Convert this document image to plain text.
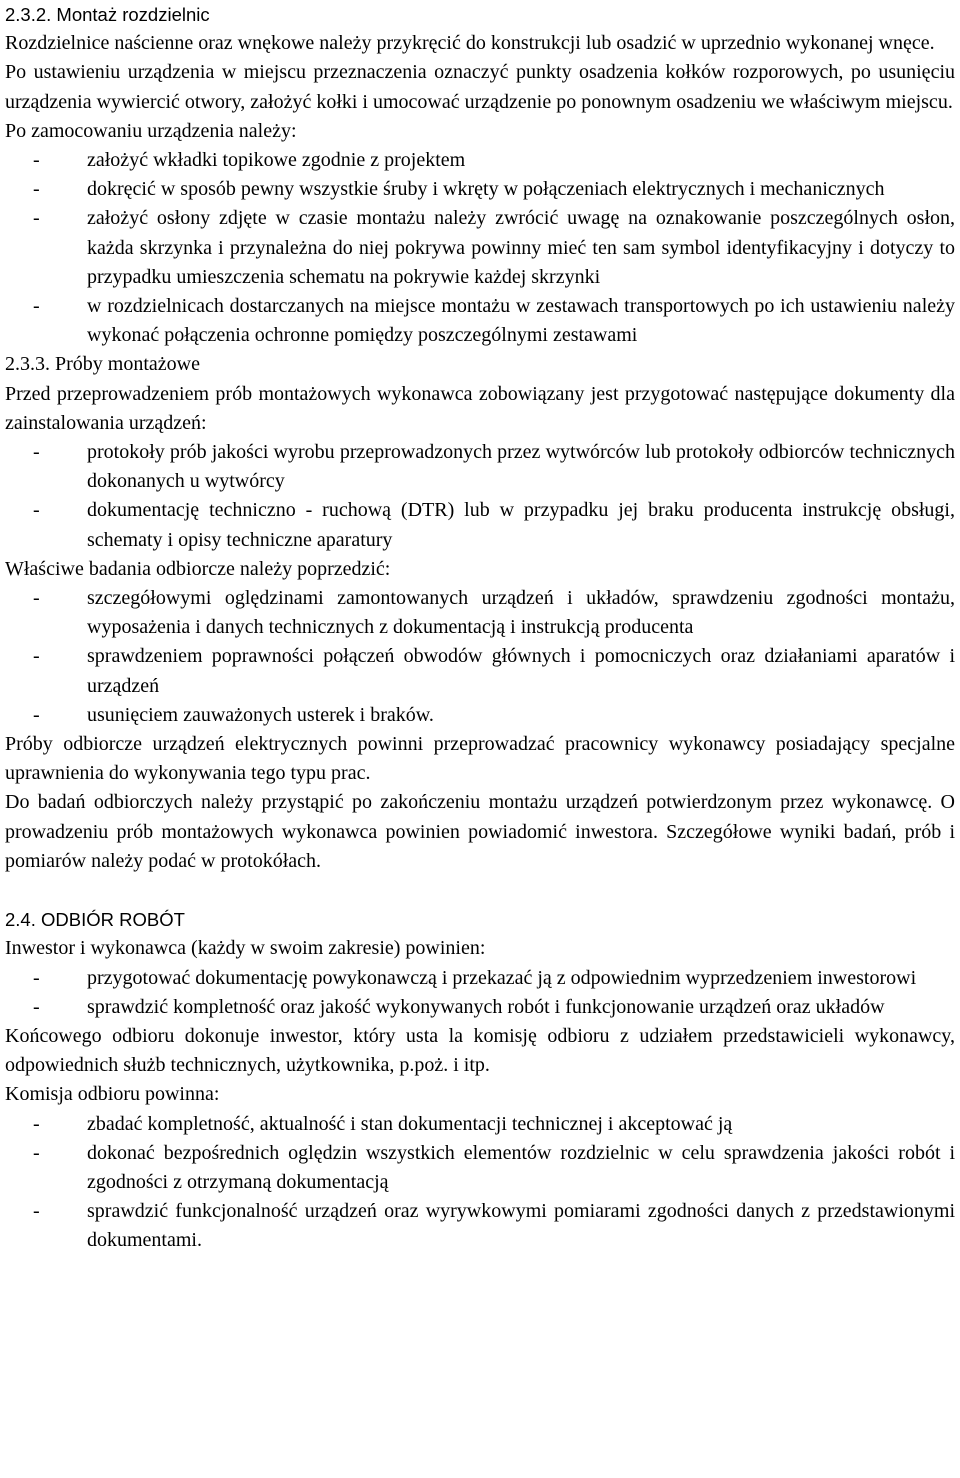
2.3.2. Montaż rozdzielnic

Rozdzielnice naścienne oraz wnękowe należy przykręcić do konstrukcji lub osadzić w uprzednio wykonanej wnęce.

Po ustawieniu urządzenia w miejscu przeznaczenia oznaczyć punkty osadzenia kołków rozporowych, po usunięciu urządzenia wywiercić otwory, założyć kołki i umocować urządzenie po ponownym osadzeniu we właściwym miejscu.

Po zamocowaniu urządzenia należy:

- założyć wkładki topikowe zgodnie z projektem
- dokręcić w sposób pewny wszystkie śruby i wkręty w połączeniach elektrycznych i mechanicznych
- założyć osłony zdjęte w czasie montażu należy zwrócić uwagę na oznakowanie poszczególnych osłon, każda skrzynka i przynależna do niej pokrywa powinny mieć ten sam symbol identyfikacyjny i dotyczy to przypadku umieszczenia schematu na pokrywie każdej skrzynki
- w rozdzielnicach dostarczanych na miejsce montażu w zestawach transportowych po ich ustawieniu należy wykonać połączenia ochronne pomiędzy poszczególnymi zestawami

2.3.3. Próby montażowe

Przed przeprowadzeniem prób montażowych wykonawca zobowiązany jest przygotować następujące dokumenty dla zainstalowania urządzeń:

- protokoły prób jakości wyrobu przeprowadzonych przez wytwórców lub protokoły odbiorców technicznych dokonanych u wytwórcy
- dokumentację techniczno - ruchową (DTR) lub w przypadku jej braku producenta instrukcję obsługi, schematy i opisy techniczne aparatury

Właściwe badania odbiorcze należy poprzedzić:

- szczegółowymi oględzinami zamontowanych urządzeń i układów, sprawdzeniu zgodności montażu, wyposażenia i danych technicznych z dokumentacją i instrukcją producenta
- sprawdzeniem poprawności połączeń obwodów głównych i pomocniczych oraz działaniami aparatów i urządzeń
- usunięciem zauważonych usterek i braków.

Próby odbiorcze urządzeń elektrycznych powinni przeprowadzać pracownicy wykonawcy posiadający specjalne uprawnienia do wykonywania tego typu prac.

Do badań odbiorczych należy przystąpić po zakończeniu montażu urządzeń potwierdzonym przez wykonawcę. O prowadzeniu prób montażowych wykonawca powinien powiadomić inwestora. Szczegółowe wyniki badań, prób i pomiarów należy podać w protokółach.

2.4. ODBIÓR ROBÓT

Inwestor i wykonawca (każdy w swoim zakresie) powinien:

- przygotować dokumentację powykonawczą i przekazać ją z odpowiednim wyprzedzeniem inwestorowi
- sprawdzić kompletność oraz jakość wykonywanych robót i funkcjonowanie urządzeń oraz układów

Końcowego odbioru dokonuje inwestor, który usta la komisję odbioru z udziałem przedstawicieli wykonawcy, odpowiednich służb technicznych, użytkownika, p.poż. i itp.

Komisja odbioru powinna:

- zbadać kompletność, aktualność i stan dokumentacji technicznej i akceptować ją
- dokonać bezpośrednich oględzin wszystkich elementów rozdzielnic w celu sprawdzenia jakości robót i zgodności z otrzymaną dokumentacją
- sprawdzić funkcjonalność urządzeń oraz wyrywkowymi pomiarami zgodności danych z przedstawionymi dokumentami.
